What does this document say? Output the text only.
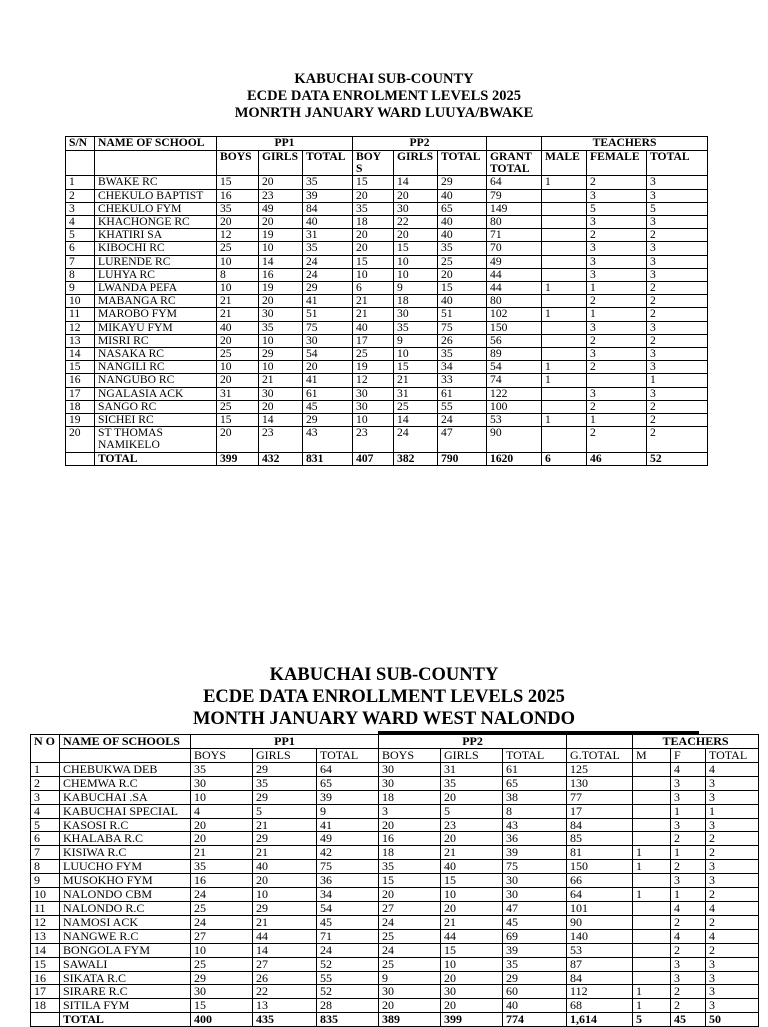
KABUCHAI SUB-COUNTY
ECDE DATA ENROLMENT LEVELS 2025
MONRTH JANUARY WARD LUUYA/BWAKE
S/N	NAME OF SCHOOL	PP1			PP2				TEACHERS		
		BOYS	GIRLS	TOTAL	BOY S	GIRLS	TOTAL	GRANT TOTAL	MALE	FEMALE	TOTAL
1	BWAKE RC	15	20	35	15	14	29	64	1	2	3
2	CHEKULO BAPTIST	16	23	39	20	20	40	79		3	3
3	CHEKULO FYM	35	49	84	35	30	65	149		5	5
4	KHACHONGE RC	20	20	40	18	22	40	80		3	3
5	KHATIRI SA	12	19	31	20	20	40	71		2	2
6	KIBOCHI RC	25	10	35	20	15	35	70		3	3
7	LURENDE RC	10	14	24	15	10	25	49		3	3
8	LUHYA RC	8	16	24	10	10	20	44		3	3
9	LWANDA PEFA	10	19	29	6	9	15	44	1	1	2
10	MABANGA RC	21	20	41	21	18	40	80		2	2
11	MAROBO FYM	21	30	51	21	30	51	102	1	1	2
12	MIKAYU FYM	40	35	75	40	35	75	150		3	3
13	MISRI RC	20	10	30	17	9	26	56		2	2
14	NASAKA RC	25	29	54	25	10	35	89		3	3
15	NANGILI RC	10	10	20	19	15	34	54	1	2	3
16	NANGUBO RC	20	21	41	12	21	33	74	1		1
17	NGALASIA ACK	31	30	61	30	31	61	122		3	3
18	SANGO RC	25	20	45	30	25	55	100		2	2
19	SICHEI RC	15	14	29	10	14	24	53	1	1	2
20	ST THOMAS NAMIKELO	20	23	43	23	24	47	90		2	2
	TOTAL	399	432	831	407	382	790	1620	6	46	52
KABUCHAI SUB-COUNTY
ECDE DATA ENROLLMENT LEVELS 2025
MONTH JANUARY WARD WEST NALONDO
N O	NAME OF SCHOOLS	PP1			PP2				TEACHERS		
		BOYS	GIRLS	TOTAL	BOYS	GIRLS	TOTAL	G.TOTAL	M	F	TOTAL
1	CHEBUKWA DEB	35	29	64	30	31	61	125		4	4
2	CHEMWA R.C	30	35	65	30	35	65	130		3	3
3	KABUCHAI .SA	10	29	39	18	20	38	77		3	3
4	KABUCHAI SPECIAL	4	5	9	3	5	8	17		1	1
5	KASOSI R.C	20	21	41	20	23	43	84		3	3
6	KHALABA R.C	20	29	49	16	20	36	85		2	2
7	KISIWA R.C	21	21	42	18	21	39	81	1	1	2
8	LUUCHO FYM	35	40	75	35	40	75	150	1	2	3
9	MUSOKHO FYM	16	20	36	15	15	30	66		3	3
10	NALONDO CBM	24	10	34	20	10	30	64	1	1	2
11	NALONDO R.C	25	29	54	27	20	47	101		4	4
12	NAMOSI ACK	24	21	45	24	21	45	90		2	2
13	NANGWE R.C	27	44	71	25	44	69	140		4	4
14	BONGOLA FYM	10	14	24	24	15	39	53		2	2
15	SAWALI	25	27	52	25	10	35	87		3	3
16	SIKATA R.C	29	26	55	9	20	29	84		3	3
17	SIRARE R.C	30	22	52	30	30	60	112	1	2	3
18	SITILA FYM	15	13	28	20	20	40	68	1	2	3
	TOTAL	400	435	835	389	399	774	1,614	5	45	50
